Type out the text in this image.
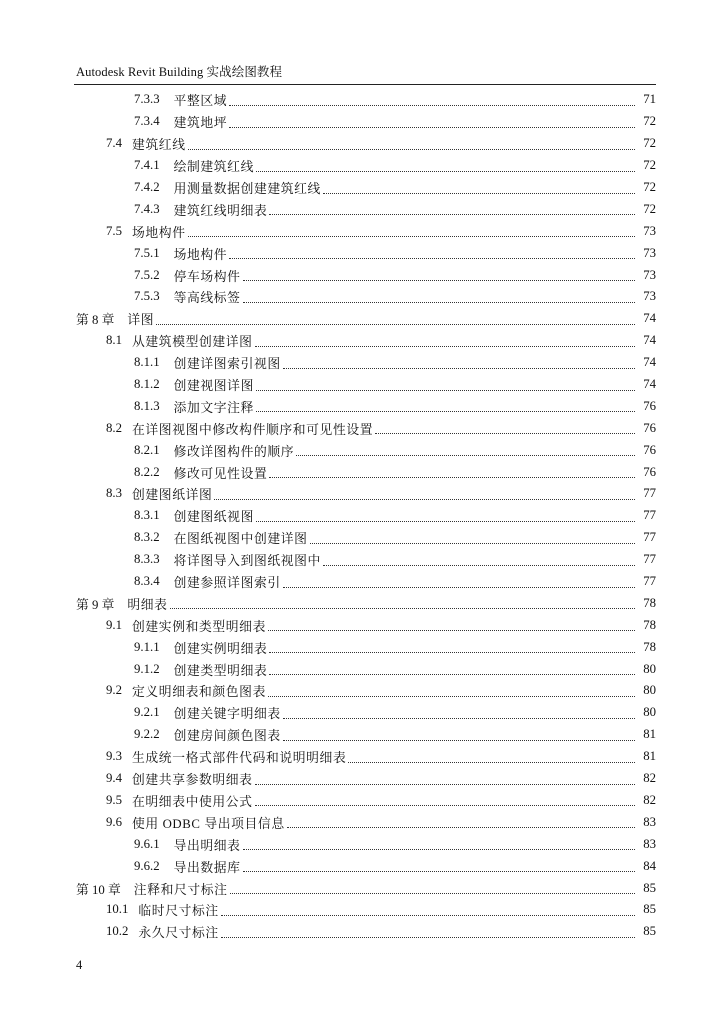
Autodesk Revit Building 实战绘图教程
7.3.3 平整区域	71
7.3.4 建筑地坪	72
7.4 建筑红线	72
7.4.1 绘制建筑红线	72
7.4.2 用测量数据创建建筑红线	72
7.4.3 建筑红线明细表	72
7.5 场地构件	73
7.5.1 场地构件	73
7.5.2 停车场构件	73
7.5.3 等高线标签	73
第 8 章 详图	74
8.1 从建筑模型创建详图	74
8.1.1 创建详图索引视图	74
8.1.2 创建视图详图	74
8.1.3 添加文字注释	76
8.2 在详图视图中修改构件顺序和可见性设置	76
8.2.1 修改详图构件的顺序	76
8.2.2 修改可见性设置	76
8.3 创建图纸详图	77
8.3.1 创建图纸视图	77
8.3.2 在图纸视图中创建详图	77
8.3.3 将详图导入到图纸视图中	77
8.3.4 创建参照详图索引	77
第 9 章 明细表	78
9.1 创建实例和类型明细表	78
9.1.1 创建实例明细表	78
9.1.2 创建类型明细表	80
9.2 定义明细表和颜色图表	80
9.2.1 创建关键字明细表	80
9.2.2 创建房间颜色图表	81
9.3 生成统一格式部件代码和说明明细表	81
9.4 创建共享参数明细表	82
9.5 在明细表中使用公式	82
9.6 使用 ODBC 导出项目信息	83
9.6.1 导出明细表	83
9.6.2 导出数据库	84
第 10 章 注释和尺寸标注	85
10.1 临时尺寸标注	85
10.2 永久尺寸标注	85
4
